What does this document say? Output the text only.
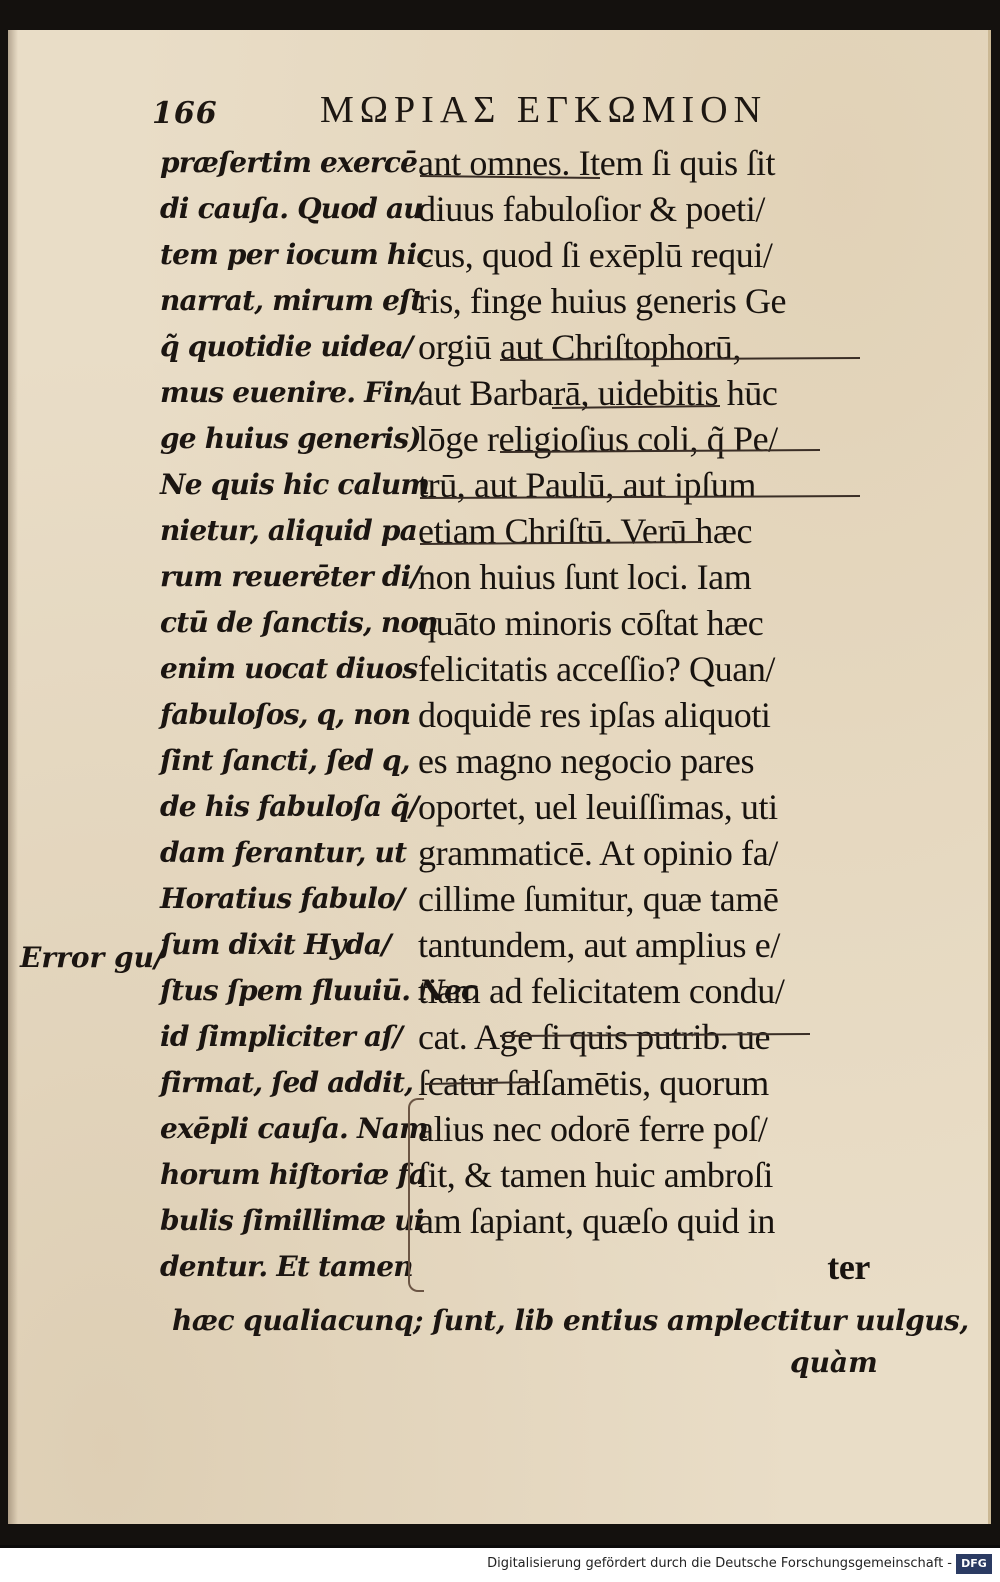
166	ΜΩΡΙΑΣ ΕΓΚΩΜΙΟΝ
præſertim exercē
di cauſa. Quod au
tem per iocum hic
narrat, mirum eſt
q̃ quotidie uidea/
mus euenire. Fin/
ge huius generis)
Ne quis hic calum
nietur, aliquid pa
rum reuerēter di/
ctū de ſanctis, non
enim uocat diuos
fabuloſos, q, non
ſint ſancti, ſed q,
de his fabuloſa q̃/
dam ferantur, ut
Horatius fabulo/
ſum dixit Hyda/
ſtus ſpem fluuiū. Nec
id ſimpliciter aſ/
firmat, ſed addit,
exēpli cauſa. Nam
horum hiſtoriæ fa
bulis ſimillimæ ui
dentur. Et tamen
Error gu/
ant omnes. Item ſi quis ſit
diuus fabuloſior & poeti/
cus, quod ſi exēplū requi/
ris, finge huius generis Ge
orgiū aut Chriſtophorū,
aut Barbarā, uidebitis hūc
lōge religioſius coli, q̃ Pe/
trū, aut Paulū, aut ipſum
etiam Chriſtū. Verū hæc
non huius ſunt loci. Iam
quāto minoris cōſtat hæc
felicitatis acceſſio? Quan/
doquidē res ipſas aliquoti
es magno negocio pares
oportet, uel leuiſſimas, uti
grammaticē. At opinio fa/
cillime ſumitur, quæ tamē
tantundem, aut amplius e/
tiam ad felicitatem condu/
cat. Age ſi quis putrib. ue
ſcatur ſalſamētis, quorum
alius nec odorē ferre poſ/
ſit, & tamen huic ambroſi
am ſapiant, quæſo quid in
ter
hæc qualiacunq; ſunt, lib entius amplectitur uulgus,
quàm
Digitalisierung gefördert durch die Deutsche Forschungsgemeinschaft - DFG
